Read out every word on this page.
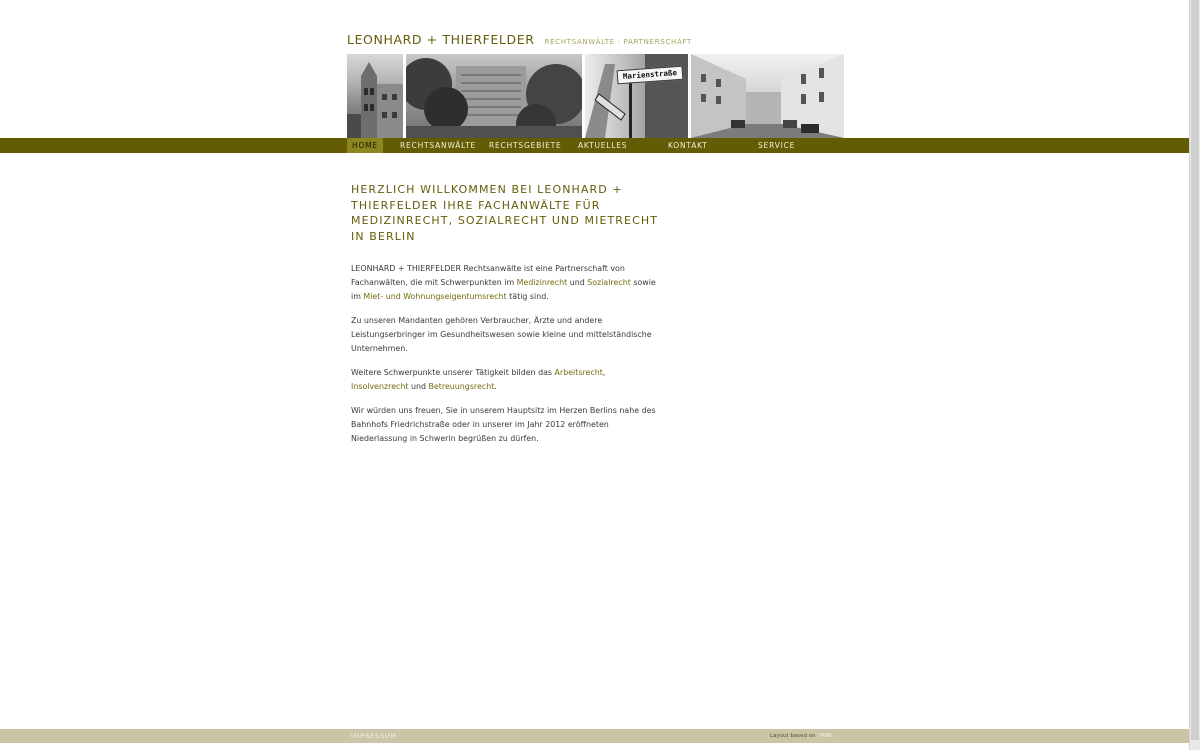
LEONHARD + THIERFELDER RECHTSANWÄLTE · PARTNERSCHAFT
Marienstraße
HOME	RECHTSANWÄLTE	RECHTSGEBIETE	AKTUELLES	KONTAKT	SERVICE
HERZLICH WILLKOMMEN BEI LEONHARD + THIERFELDER IHRE FACHANWÄLTE FÜR MEDIZINRECHT, SOZIALRECHT UND MIETRECHT IN BERLIN

LEONHARD + THIERFELDER Rechtsanwälte ist eine Partnerschaft von Fachanwälten, die mit Schwerpunkten im Medizinrecht und Sozialrecht sowie im Miet- und Wohnungseigentumsrecht tätig sind.

Zu unseren Mandanten gehören Verbraucher, Ärzte und andere Leistungserbringer im Gesundheitswesen sowie kleine und mittelständische Unternehmen.

Weitere Schwerpunkte unserer Tätigkeit bilden das Arbeitsrecht, Insolvenzrecht und Betreuungsrecht.

Wir würden uns freuen, Sie in unserem Hauptsitz im Herzen Berlins nahe des Bahnhofs Friedrichstraße oder in unserer im Jahr 2012 eröffneten Niederlassung in Schwerin begrüßen zu dürfen.

IMPRESSUM	Layout based on YAML
